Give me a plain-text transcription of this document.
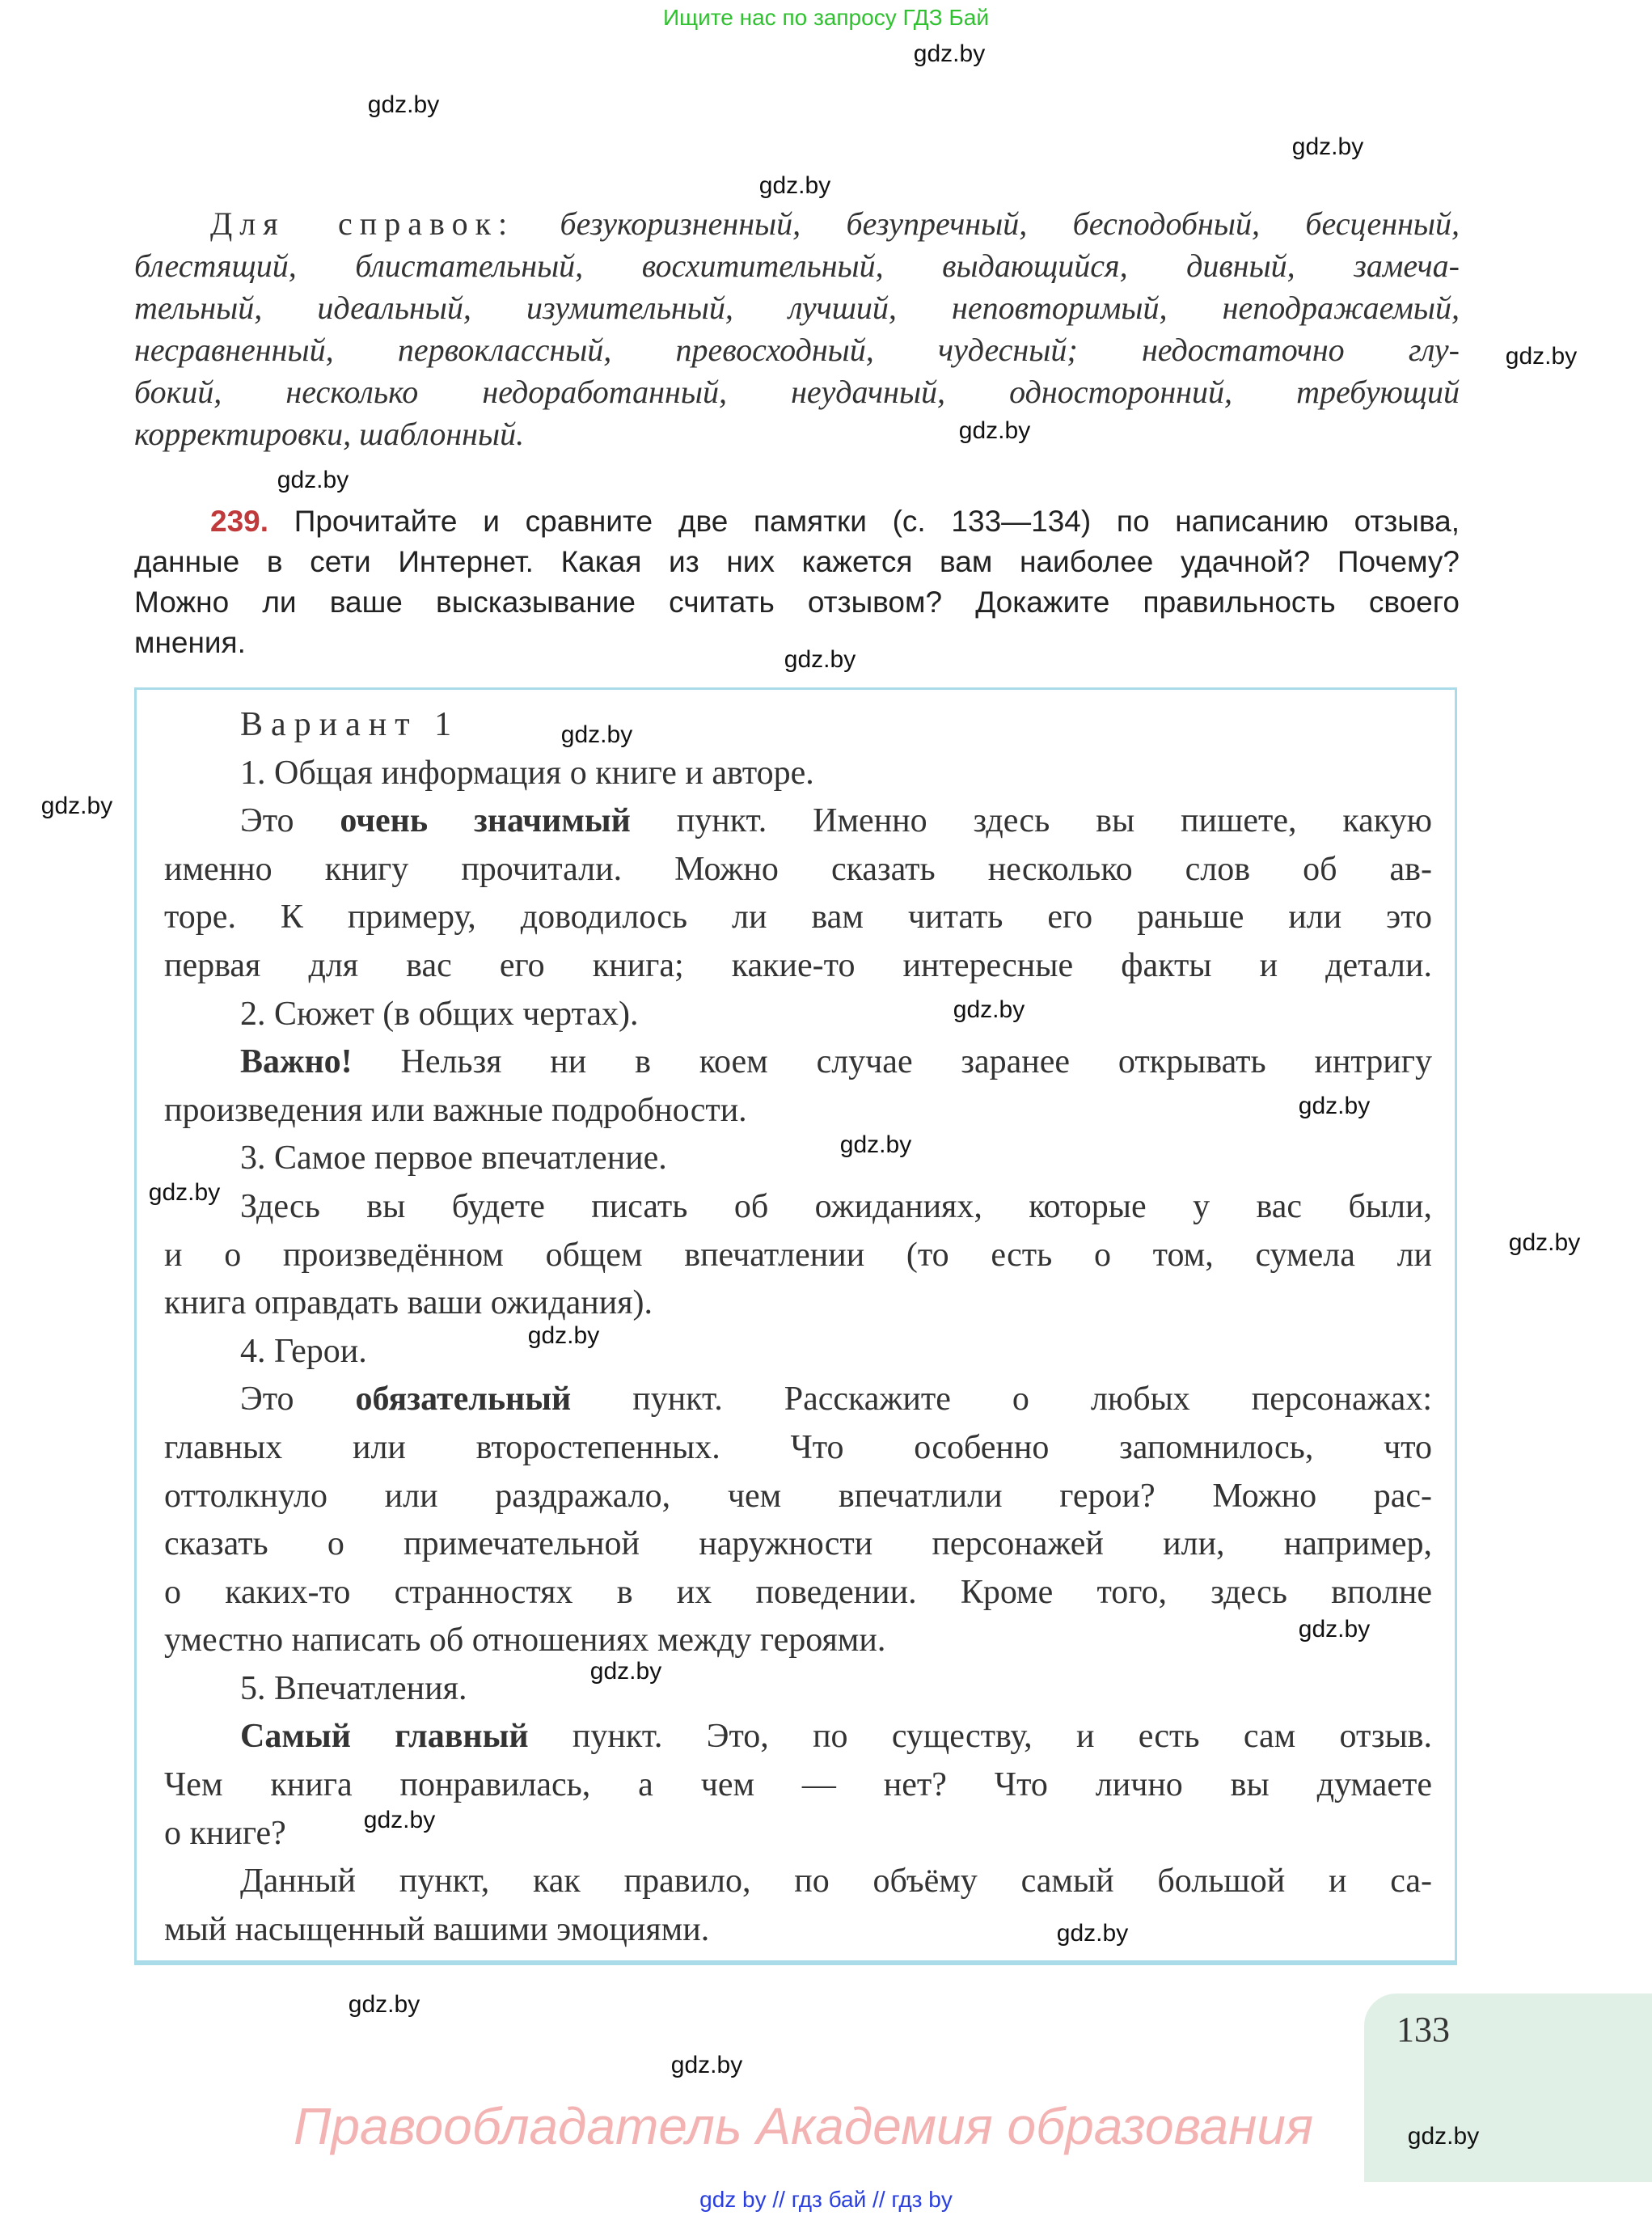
Ищите нас по запросу ГДЗ Бай
Для справок: безукоризненный, безупречный, бесподобный, бесценный,
блестящий, блистательный, восхитительный, выдающийся, дивный, замеча-
тельный, идеальный, изумительный, лучший, неповторимый, неподражаемый,
несравненный, первоклассный, превосходный, чудесный; недостаточно глу-
бокий, несколько недоработанный, неудачный, односторонний, требующий
корректировки, шаблонный.
239. Прочитайте и сравните две памятки (с. 133—134) по написанию отзыва,
данные в сети Интернет. Какая из них кажется вам наиболее удачной? Почему?
Можно ли ваше высказывание считать отзывом? Докажите правильность своего
мнения.
Вариант 1
1. Общая информация о книге и авторе.
Это очень значимый пункт. Именно здесь вы пишете, какую
именно книгу прочитали. Можно сказать несколько слов об ав-
торе. К примеру, доводилось ли вам читать его раньше или это
первая для вас его книга; какие-то интересные факты и детали.
2. Сюжет (в общих чертах).
Важно! Нельзя ни в коем случае заранее открывать интригу
произведения или важные подробности.
3. Самое первое впечатление.
Здесь вы будете писать об ожиданиях, которые у вас были,
и о произведённом общем впечатлении (то есть о том, сумела ли
книга оправдать ваши ожидания).
4. Герои.
Это обязательный пункт. Расскажите о любых персонажах:
главных или второстепенных. Что особенно запомнилось, что
оттолкнуло или раздражало, чем впечатлили герои? Можно рас-
сказать о примечательной наружности персонажей или, например,
о каких-то странностях в их поведении. Кроме того, здесь вполне
уместно написать об отношениях между героями.
5. Впечатления.
Самый главный пункт. Это, по существу, и есть сам отзыв.
Чем книга понравилась, а чем — нет? Что лично вы думаете
о книге?
Данный пункт, как правило, по объёму самый большой и са-
мый насыщенный вашими эмоциями.
133
Правообладатель Академия образования
gdz by // гдз бай // гдз by
gdz.by
gdz.by
gdz.by
gdz.by
gdz.by
gdz.by
gdz.by
gdz.by
gdz.by
gdz.by
gdz.by
gdz.by
gdz.by
gdz.by
gdz.by
gdz.by
gdz.by
gdz.by
gdz.by
gdz.by
gdz.by
gdz.by
gdz.by
